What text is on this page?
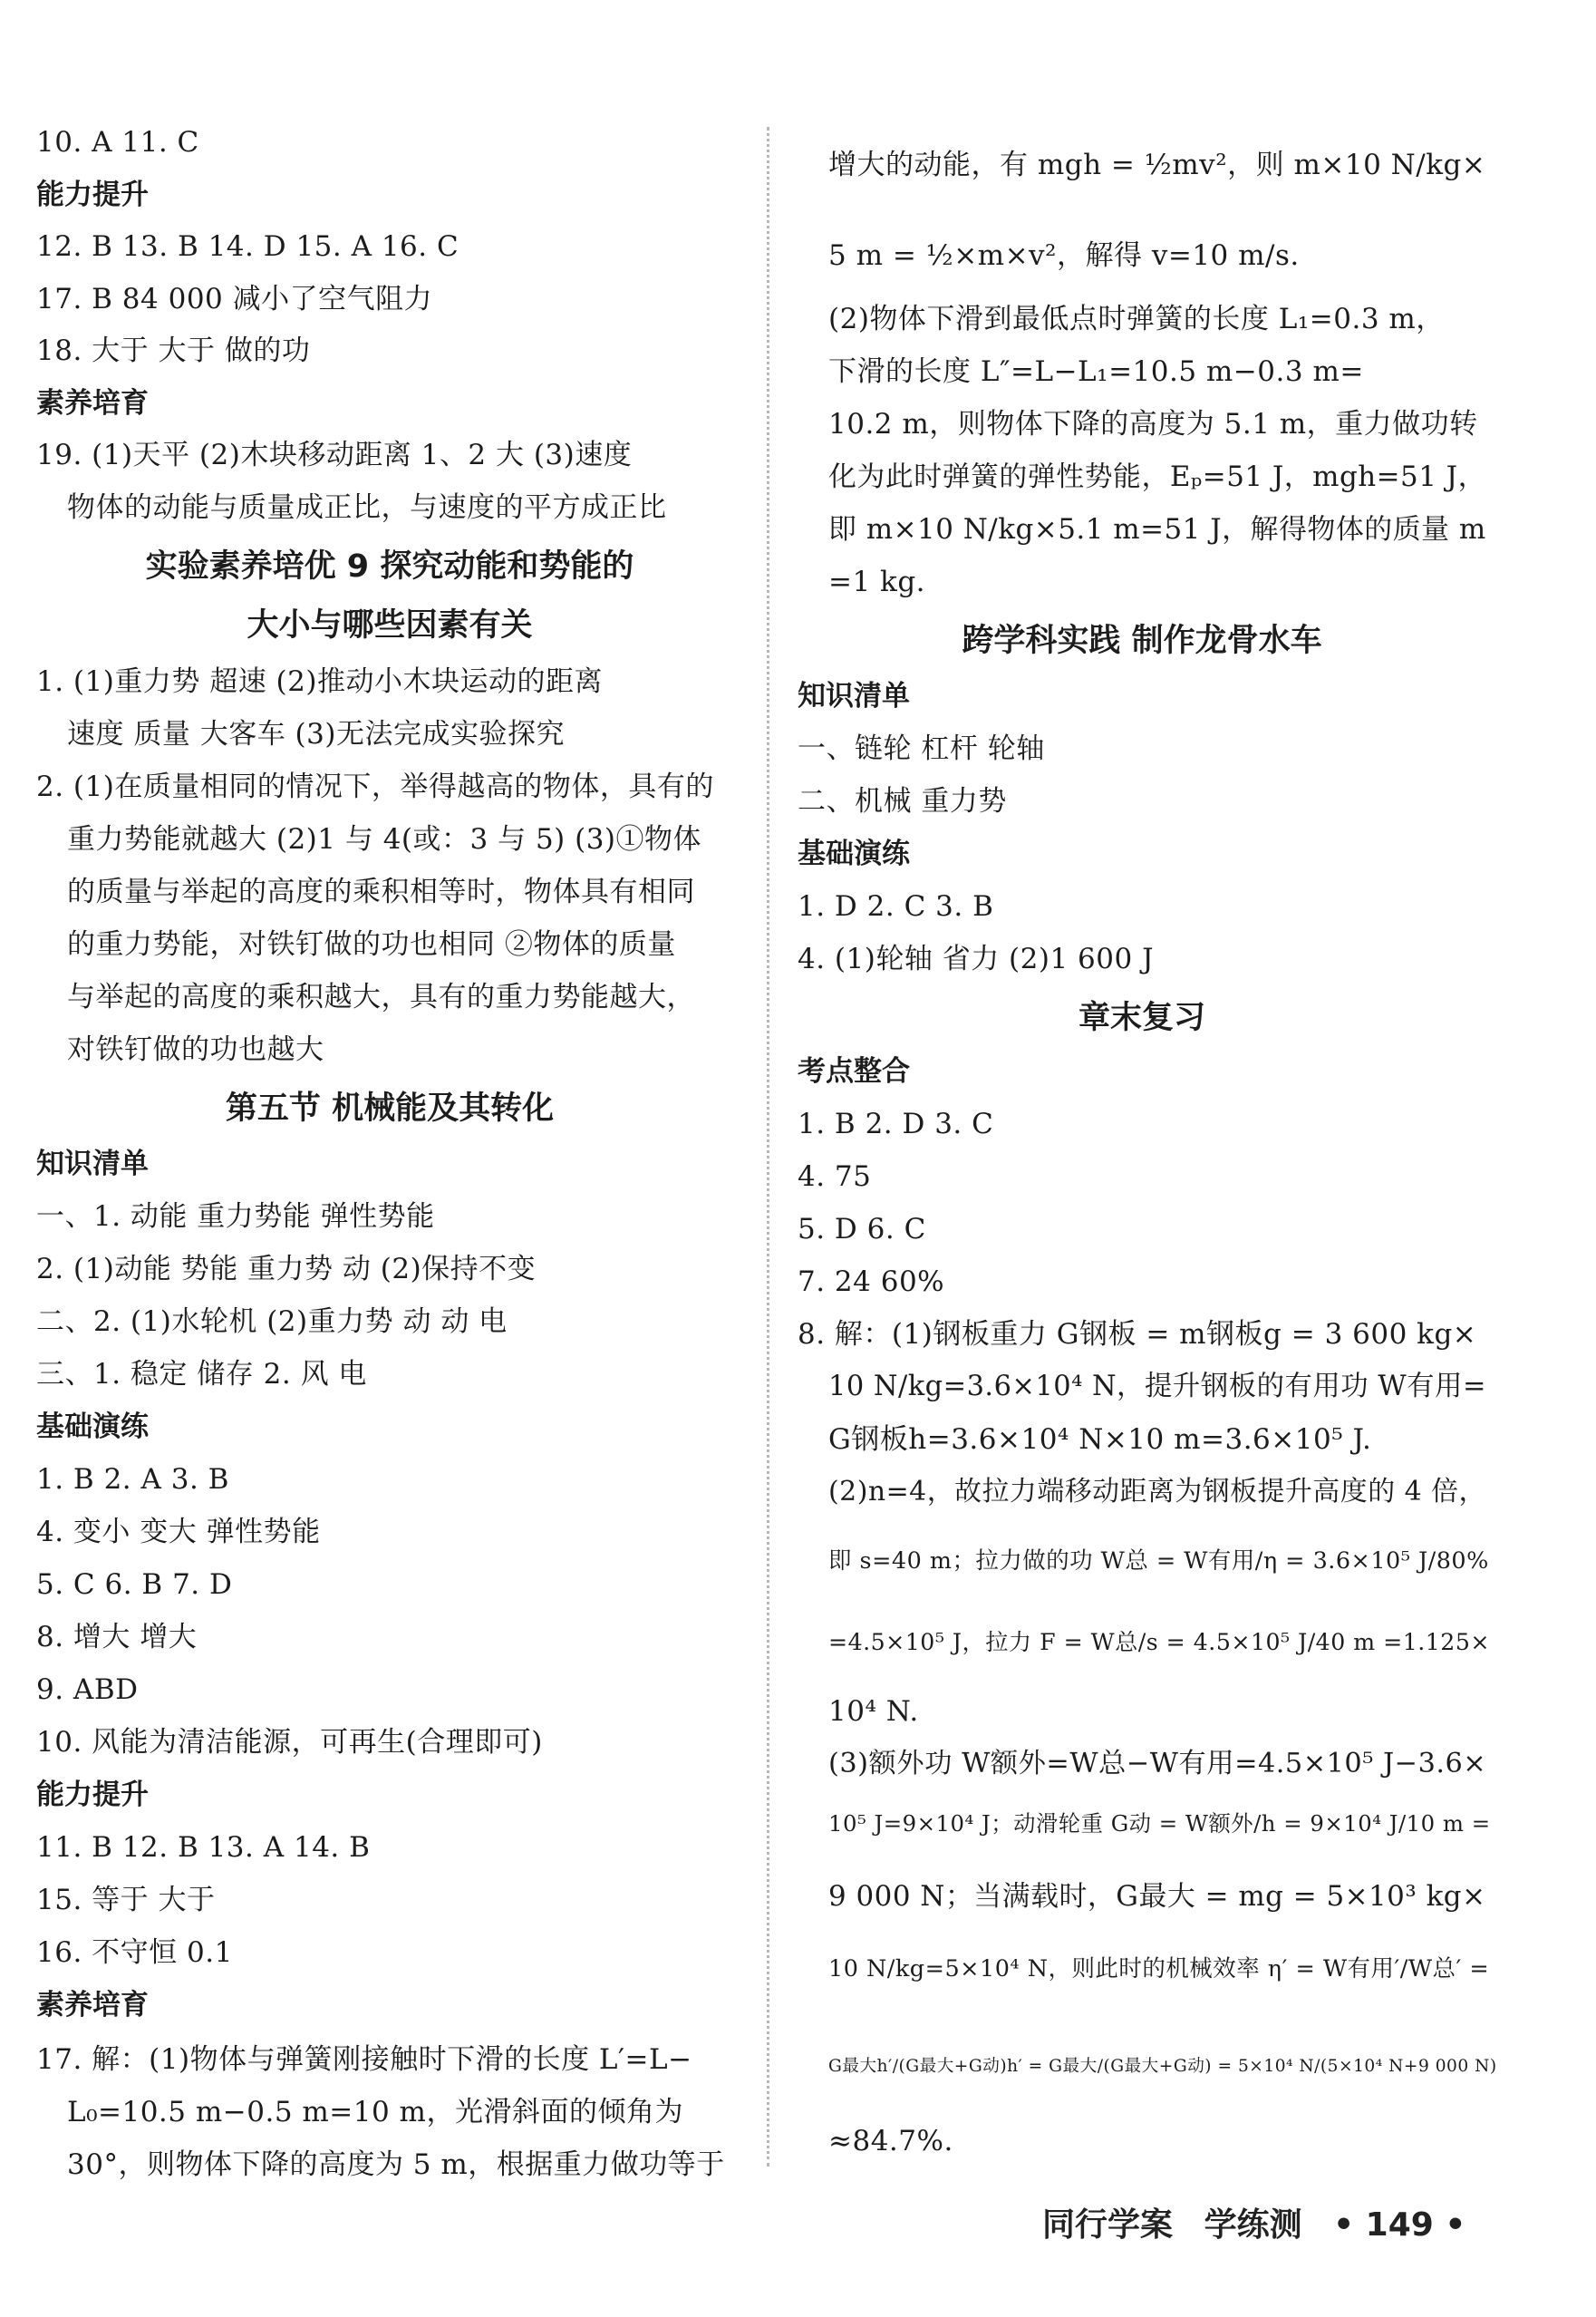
10. A 11. C
能力提升
12. B 13. B 14. D 15. A 16. C
17. B 84 000 减小了空气阻力
18. 大于 大于 做的功
素养培育
19. (1)天平 (2)木块移动距离 1、2 大 (3)速度
物体的动能与质量成正比，与速度的平方成正比
实验素养培优 9 探究动能和势能的
大小与哪些因素有关
1. (1)重力势 超速 (2)推动小木块运动的距离
速度 质量 大客车 (3)无法完成实验探究
2. (1)在质量相同的情况下，举得越高的物体，具有的
重力势能就越大 (2)1 与 4(或：3 与 5) (3)①物体
的质量与举起的高度的乘积相等时，物体具有相同
的重力势能，对铁钉做的功也相同 ②物体的质量
与举起的高度的乘积越大，具有的重力势能越大，
对铁钉做的功也越大
第五节 机械能及其转化
知识清单
一、1. 动能 重力势能 弹性势能
2. (1)动能 势能 重力势 动 (2)保持不变
二、2. (1)水轮机 (2)重力势 动 动 电
三、1. 稳定 储存 2. 风 电
基础演练
1. B 2. A 3. B
4. 变小 变大 弹性势能
5. C 6. B 7. D
8. 增大 增大
9. ABD
10. 风能为清洁能源，可再生(合理即可)
能力提升
11. B 12. B 13. A 14. B
15. 等于 大于
16. 不守恒 0.1
素养培育
17. 解：(1)物体与弹簧刚接触时下滑的长度 L′=L−
L₀=10.5 m−0.5 m=10 m，光滑斜面的倾角为
30°，则物体下降的高度为 5 m，根据重力做功等于
增大的动能，有 mgh = ½mv²，则 m×10 N/kg×
5 m = ½×m×v²，解得 v=10 m/s.
(2)物体下滑到最低点时弹簧的长度 L₁=0.3 m，
下滑的长度 L″=L−L₁=10.5 m−0.3 m=
10.2 m，则物体下降的高度为 5.1 m，重力做功转
化为此时弹簧的弹性势能，Eₚ=51 J，mgh=51 J，
即 m×10 N/kg×5.1 m=51 J，解得物体的质量 m
=1 kg.
跨学科实践 制作龙骨水车
知识清单
一、链轮 杠杆 轮轴
二、机械 重力势
基础演练
1. D 2. C 3. B
4. (1)轮轴 省力 (2)1 600 J
章末复习
考点整合
1. B 2. D 3. C
4. 75
5. D 6. C
7. 24 60%
8. 解：(1)钢板重力 G钢板 = m钢板g = 3 600 kg×
10 N/kg=3.6×10⁴ N，提升钢板的有用功 W有用=
G钢板h=3.6×10⁴ N×10 m=3.6×10⁵ J.
(2)n=4，故拉力端移动距离为钢板提升高度的 4 倍，
即 s=40 m；拉力做的功 W总 = W有用/η = 3.6×10⁵ J/80%
=4.5×10⁵ J，拉力 F = W总/s = 4.5×10⁵ J/40 m =1.125×
10⁴ N.
(3)额外功 W额外=W总−W有用=4.5×10⁵ J−3.6×
10⁵ J=9×10⁴ J；动滑轮重 G动 = W额外/h = 9×10⁴ J/10 m =
9 000 N；当满载时，G最大 = mg = 5×10³ kg×
10 N/kg=5×10⁴ N，则此时的机械效率 η′ = W有用′/W总′ =
G最大h′/(G最大+G动)h′ = G最大/(G最大+G动) = 5×10⁴ N/(5×10⁴ N+9 000 N)
≈84.7%.
同行学案 学练测 • 149 •
